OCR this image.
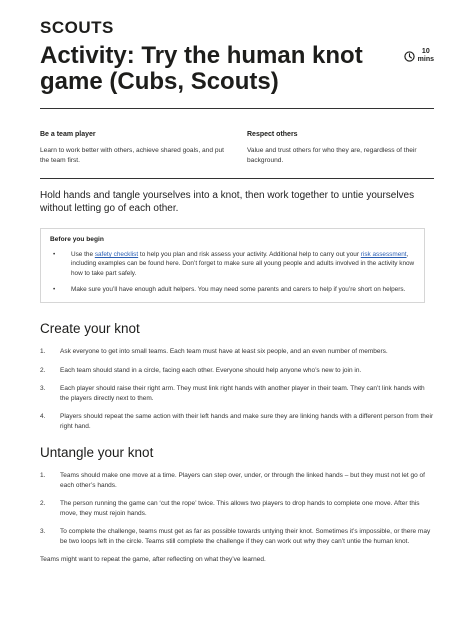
SCOUTS
Activity: Try the human knot game (Cubs, Scouts)
10
mins

Be a team player

Learn to work better with others, achieve shared goals, and put the team first.

Respect others

Value and trust others for who they are, regardless of their background.

Hold hands and tangle yourselves into a knot, then work together to untie yourselves without letting go of each other.

Before you begin

•	Use the safety checklist to help you plan and risk assess your activity. Additional help to carry out your risk assessment, including examples can be found here. Don’t forget to make sure all young people and adults involved in the activity know how to take part safely.
•	Make sure you’ll have enough adult helpers. You may need some parents and carers to help if you’re short on helpers.
Create your knot
1.	Ask everyone to get into small teams. Each team must have at least six people, and an even number of members.
2.	Each team should stand in a circle, facing each other. Everyone should help anyone who’s new to join in.
3.	Each player should raise their right arm. They must link right hands with another player in their team. They can’t link hands with the players directly next to them.
4.	Players should repeat the same action with their left hands and make sure they are linking hands with a different person from their right hand.
Untangle your knot
1.	Teams should make one move at a time. Players can step over, under, or through the linked hands – but they must not let go of each other’s hands.
2.	The person running the game can ‘cut the rope’ twice. This allows two players to drop hands to complete one move. After this move, they must rejoin hands.
3.	To complete the challenge, teams must get as far as possible towards untying their knot. Sometimes it’s impossible, or there may be two loops left in the circle. Teams still complete the challenge if they can work out why they can’t untie the human knot.
Teams might want to repeat the game, after reflecting on what they’ve learned.
